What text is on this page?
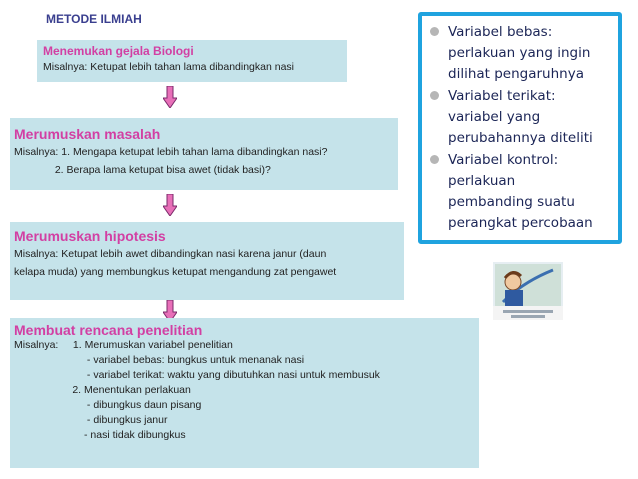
METODE ILMIAH
Menemukan gejala Biologi
Misalnya: Ketupat lebih tahan lama dibandingkan nasi
Merumuskan masalah
Misalnya: 1. Mengapa ketupat lebih tahan lama dibandingkan nasi?
2. Berapa lama ketupat bisa awet (tidak basi)?
Merumuskan hipotesis
Misalnya: Ketupat lebih awet dibandingkan nasi karena janur (daun
kelapa muda) yang membungkus ketupat mengandung zat pengawet
Membuat rencana penelitian
Misalnya:     1. Merumuskan variabel penelitian
- variabel bebas: bungkus untuk menanak nasi
- variabel terikat: waktu yang dibutuhkan nasi untuk membusuk
2. Menentukan perlakuan
- dibungkus daun pisang
- dibungkus janur
- nasi tidak dibungkus
Variabel bebas:
perlakuan yang ingin
dilihat pengaruhnya
Variabel terikat:
variabel yang
perubahannya diteliti
Variabel kontrol:
perlakuan
pembanding suatu
perangkat percobaan
